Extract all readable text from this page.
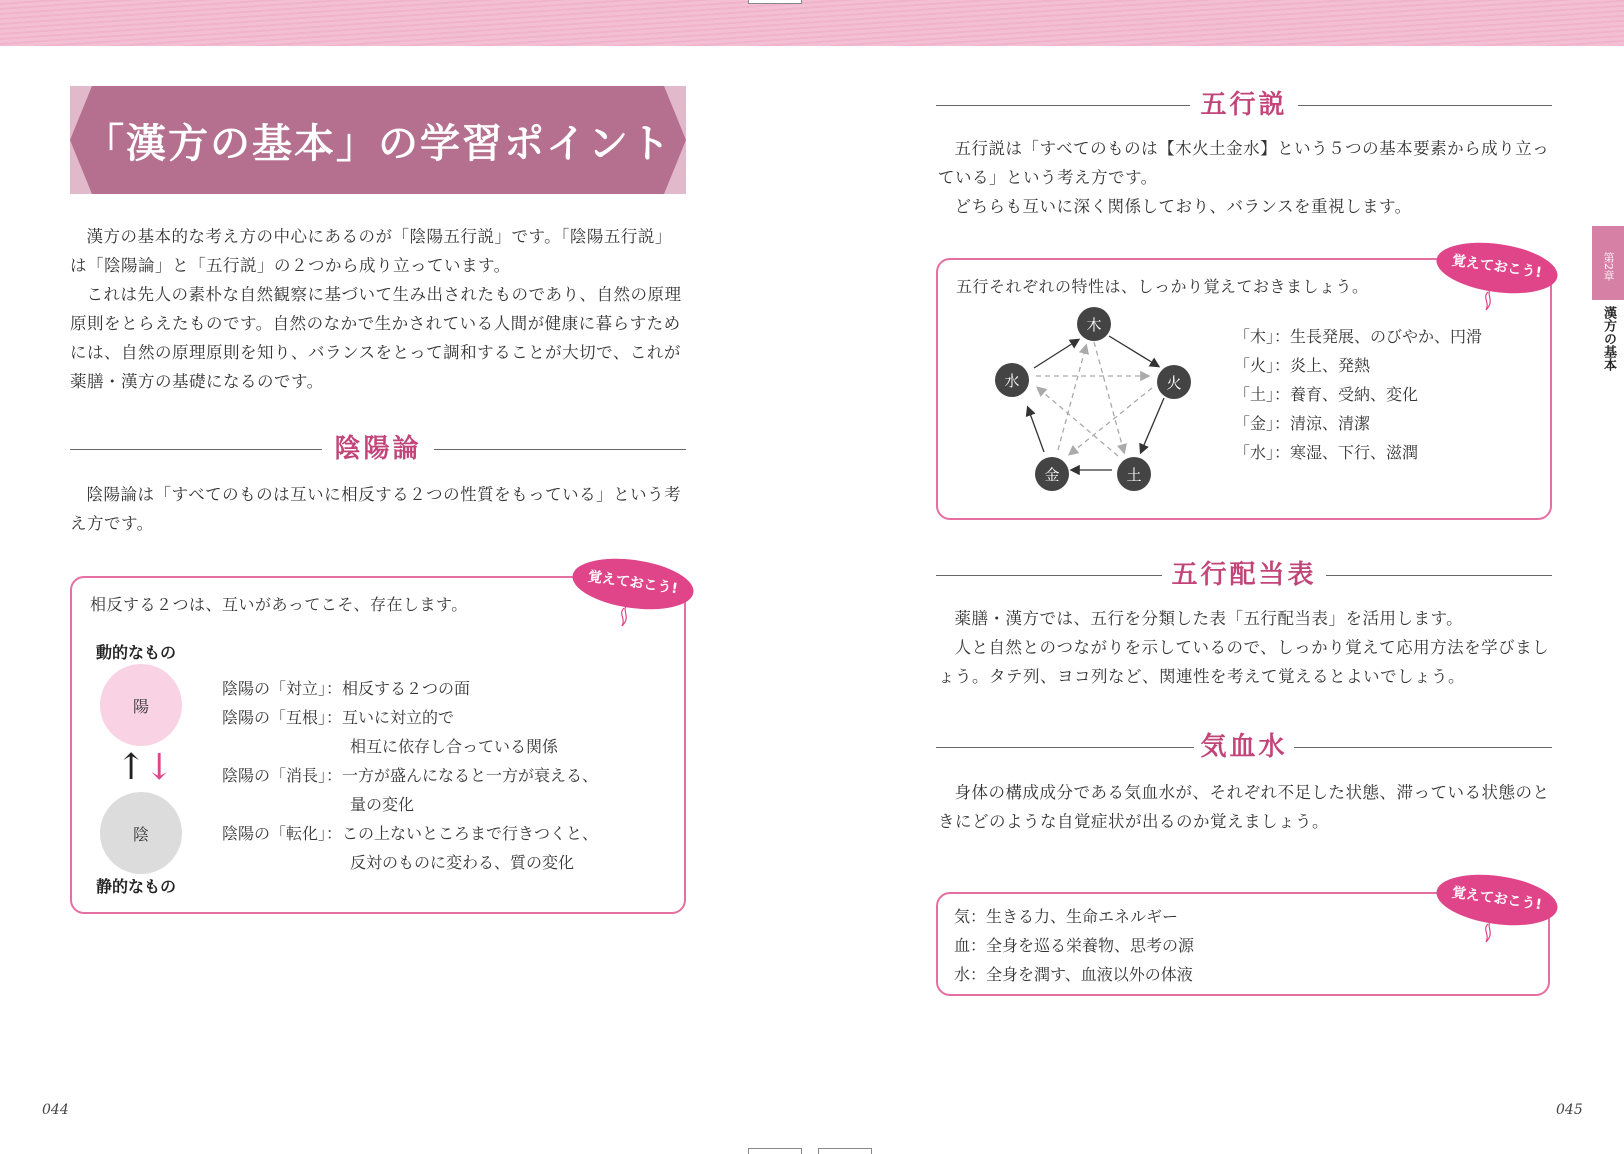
「漢方の基本」の学習ポイント

漢方の基本的な考え方の中心にあるのが「陰陽五行説」です。「陰陽五行説」は「陰陽論」と「五行説」の２つから成り立っています。

これは先人の素朴な自然観察に基づいて生み出されたものであり、自然の原理原則をとらえたものです。自然のなかで生かされている人間が健康に暮らすためには、自然の原理原則を知り、バランスをとって調和することが大切で、これが薬膳・漢方の基礎になるのです。

陰陽論

陰陽論は「すべてのものは互いに相反する２つの性質をもっている」という考え方です。

相反する２つは、互いがあってこそ、存在します。
動的なもの
陽
↑↓
陰
静的なもの
陰陽の「対立」：相反する２つの面
陰陽の「互根」：互いに対立的で
相互に依存し合っている関係
陰陽の「消長」：一方が盛んになると一方が衰える、
量の変化
陰陽の「転化」：この上ないところまで行きつくと、
反対のものに変わる、質の変化
覚えておこう!
044
第2章
漢方の基本
五行説

五行説は「すべてのものは【木火土金水】という５つの基本要素から成り立っている」という考え方です。

どちらも互いに深く関係しており、バランスを重視します。

五行それぞれの特性は、しっかり覚えておきましょう。
木
火
土
金
水
「木」：生長発展、のびやか、円滑
「火」：炎上、発熱
「土」：養育、受納、変化
「金」：清涼、清潔
「水」：寒湿、下行、滋潤
覚えておこう!
五行配当表

薬膳・漢方では、五行を分類した表「五行配当表」を活用します。

人と自然とのつながりを示しているので、しっかり覚えて応用方法を学びましょう。タテ列、ヨコ列など、関連性を考えて覚えるとよいでしょう。

気血水

身体の構成成分である気血水が、それぞれ不足した状態、滞っている状態のときにどのような自覚症状が出るのか覚えましょう。

気：生きる力、生命エネルギー
血：全身を巡る栄養物、思考の源
水：全身を潤す、血液以外の体液
覚えておこう!
045
